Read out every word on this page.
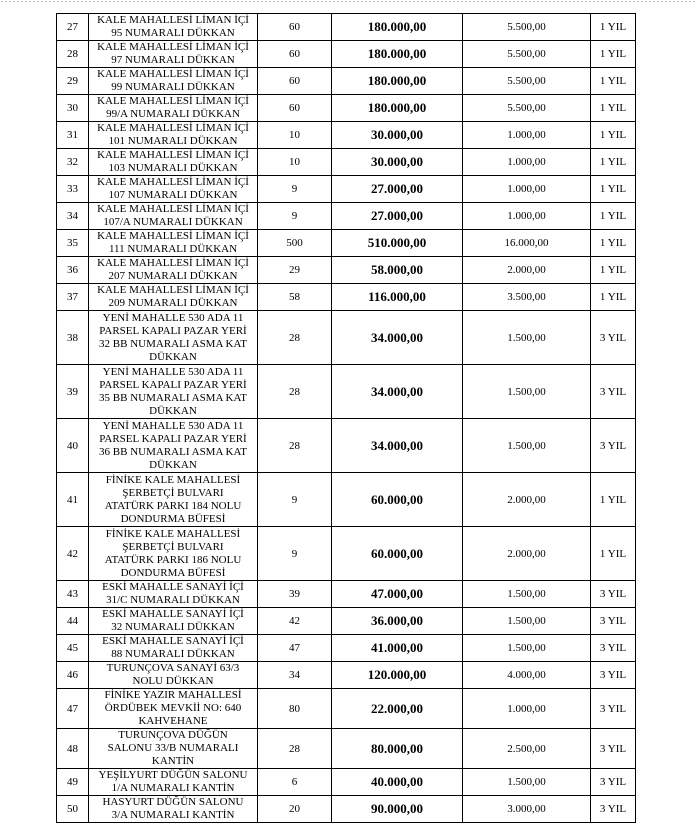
27	KALE MAHALLESİ LİMAN İÇİ
95 NUMARALI DÜKKAN	60	180.000,00	5.500,00	1 YIL
28	KALE MAHALLESİ LİMAN İÇİ
97 NUMARALI DÜKKAN	60	180.000,00	5.500,00	1 YIL
29	KALE MAHALLESİ LİMAN İÇİ
99 NUMARALI DÜKKAN	60	180.000,00	5.500,00	1 YIL
30	KALE MAHALLESİ LİMAN İÇİ
99/A NUMARALI DÜKKAN	60	180.000,00	5.500,00	1 YIL
31	KALE MAHALLESİ LİMAN İÇİ
101 NUMARALI DÜKKAN	10	30.000,00	1.000,00	1 YIL
32	KALE MAHALLESİ LİMAN İÇİ
103 NUMARALI DÜKKAN	10	30.000,00	1.000,00	1 YIL
33	KALE MAHALLESİ LİMAN İÇİ
107 NUMARALI DÜKKAN	9	27.000,00	1.000,00	1 YIL
34	KALE MAHALLESİ LİMAN İÇİ
107/A NUMARALI DÜKKAN	9	27.000,00	1.000,00	1 YIL
35	KALE MAHALLESİ LİMAN İÇİ
111 NUMARALI DÜKKAN	500	510.000,00	16.000,00	1 YIL
36	KALE MAHALLESİ LİMAN İÇİ
207 NUMARALI DÜKKAN	29	58.000,00	2.000,00	1 YIL
37	KALE MAHALLESİ LİMAN İÇİ
209 NUMARALI DÜKKAN	58	116.000,00	3.500,00	1 YIL
38	YENİ MAHALLE 530 ADA 11
PARSEL KAPALI PAZAR YERİ
32 BB NUMARALI ASMA KAT
DÜKKAN	28	34.000,00	1.500,00	3 YIL
39	YENİ MAHALLE 530 ADA 11
PARSEL KAPALI PAZAR YERİ
35 BB NUMARALI ASMA KAT
DÜKKAN	28	34.000,00	1.500,00	3 YIL
40	YENİ MAHALLE 530 ADA 11
PARSEL KAPALI PAZAR YERİ
36 BB NUMARALI ASMA KAT
DÜKKAN	28	34.000,00	1.500,00	3 YIL
41	FİNİKE KALE MAHALLESİ
ŞERBETÇİ BULVARI
ATATÜRK PARKI 184 NOLU
DONDURMA BÜFESİ	9	60.000,00	2.000,00	1 YIL
42	FİNİKE KALE MAHALLESİ
ŞERBETÇİ BULVARI
ATATÜRK PARKI 186 NOLU
DONDURMA BÜFESİ	9	60.000,00	2.000,00	1 YIL
43	ESKİ MAHALLE SANAYİ İÇİ
31/C NUMARALI DÜKKAN	39	47.000,00	1.500,00	3 YIL
44	ESKİ MAHALLE SANAYİ İÇİ
32 NUMARALI DÜKKAN	42	36.000,00	1.500,00	3 YIL
45	ESKİ MAHALLE SANAYİ İÇİ
88 NUMARALI DÜKKAN	47	41.000,00	1.500,00	3 YIL
46	TURUNÇOVA SANAYİ 63/3
NOLU DÜKKAN	34	120.000,00	4.000,00	3 YIL
47	FİNİKE YAZIR MAHALLESİ
ÖRDÜBEK MEVKİİ NO: 640
KAHVEHANE	80	22.000,00	1.000,00	3 YIL
48	TURUNÇOVA DÜĞÜN
SALONU 33/B NUMARALI
KANTİN	28	80.000,00	2.500,00	3 YIL
49	YEŞİLYURT DÜĞÜN SALONU
1/A NUMARALI KANTİN	6	40.000,00	1.500,00	3 YIL
50	HASYURT DÜĞÜN SALONU
3/A NUMARALI KANTİN	20	90.000,00	3.000,00	3 YIL
